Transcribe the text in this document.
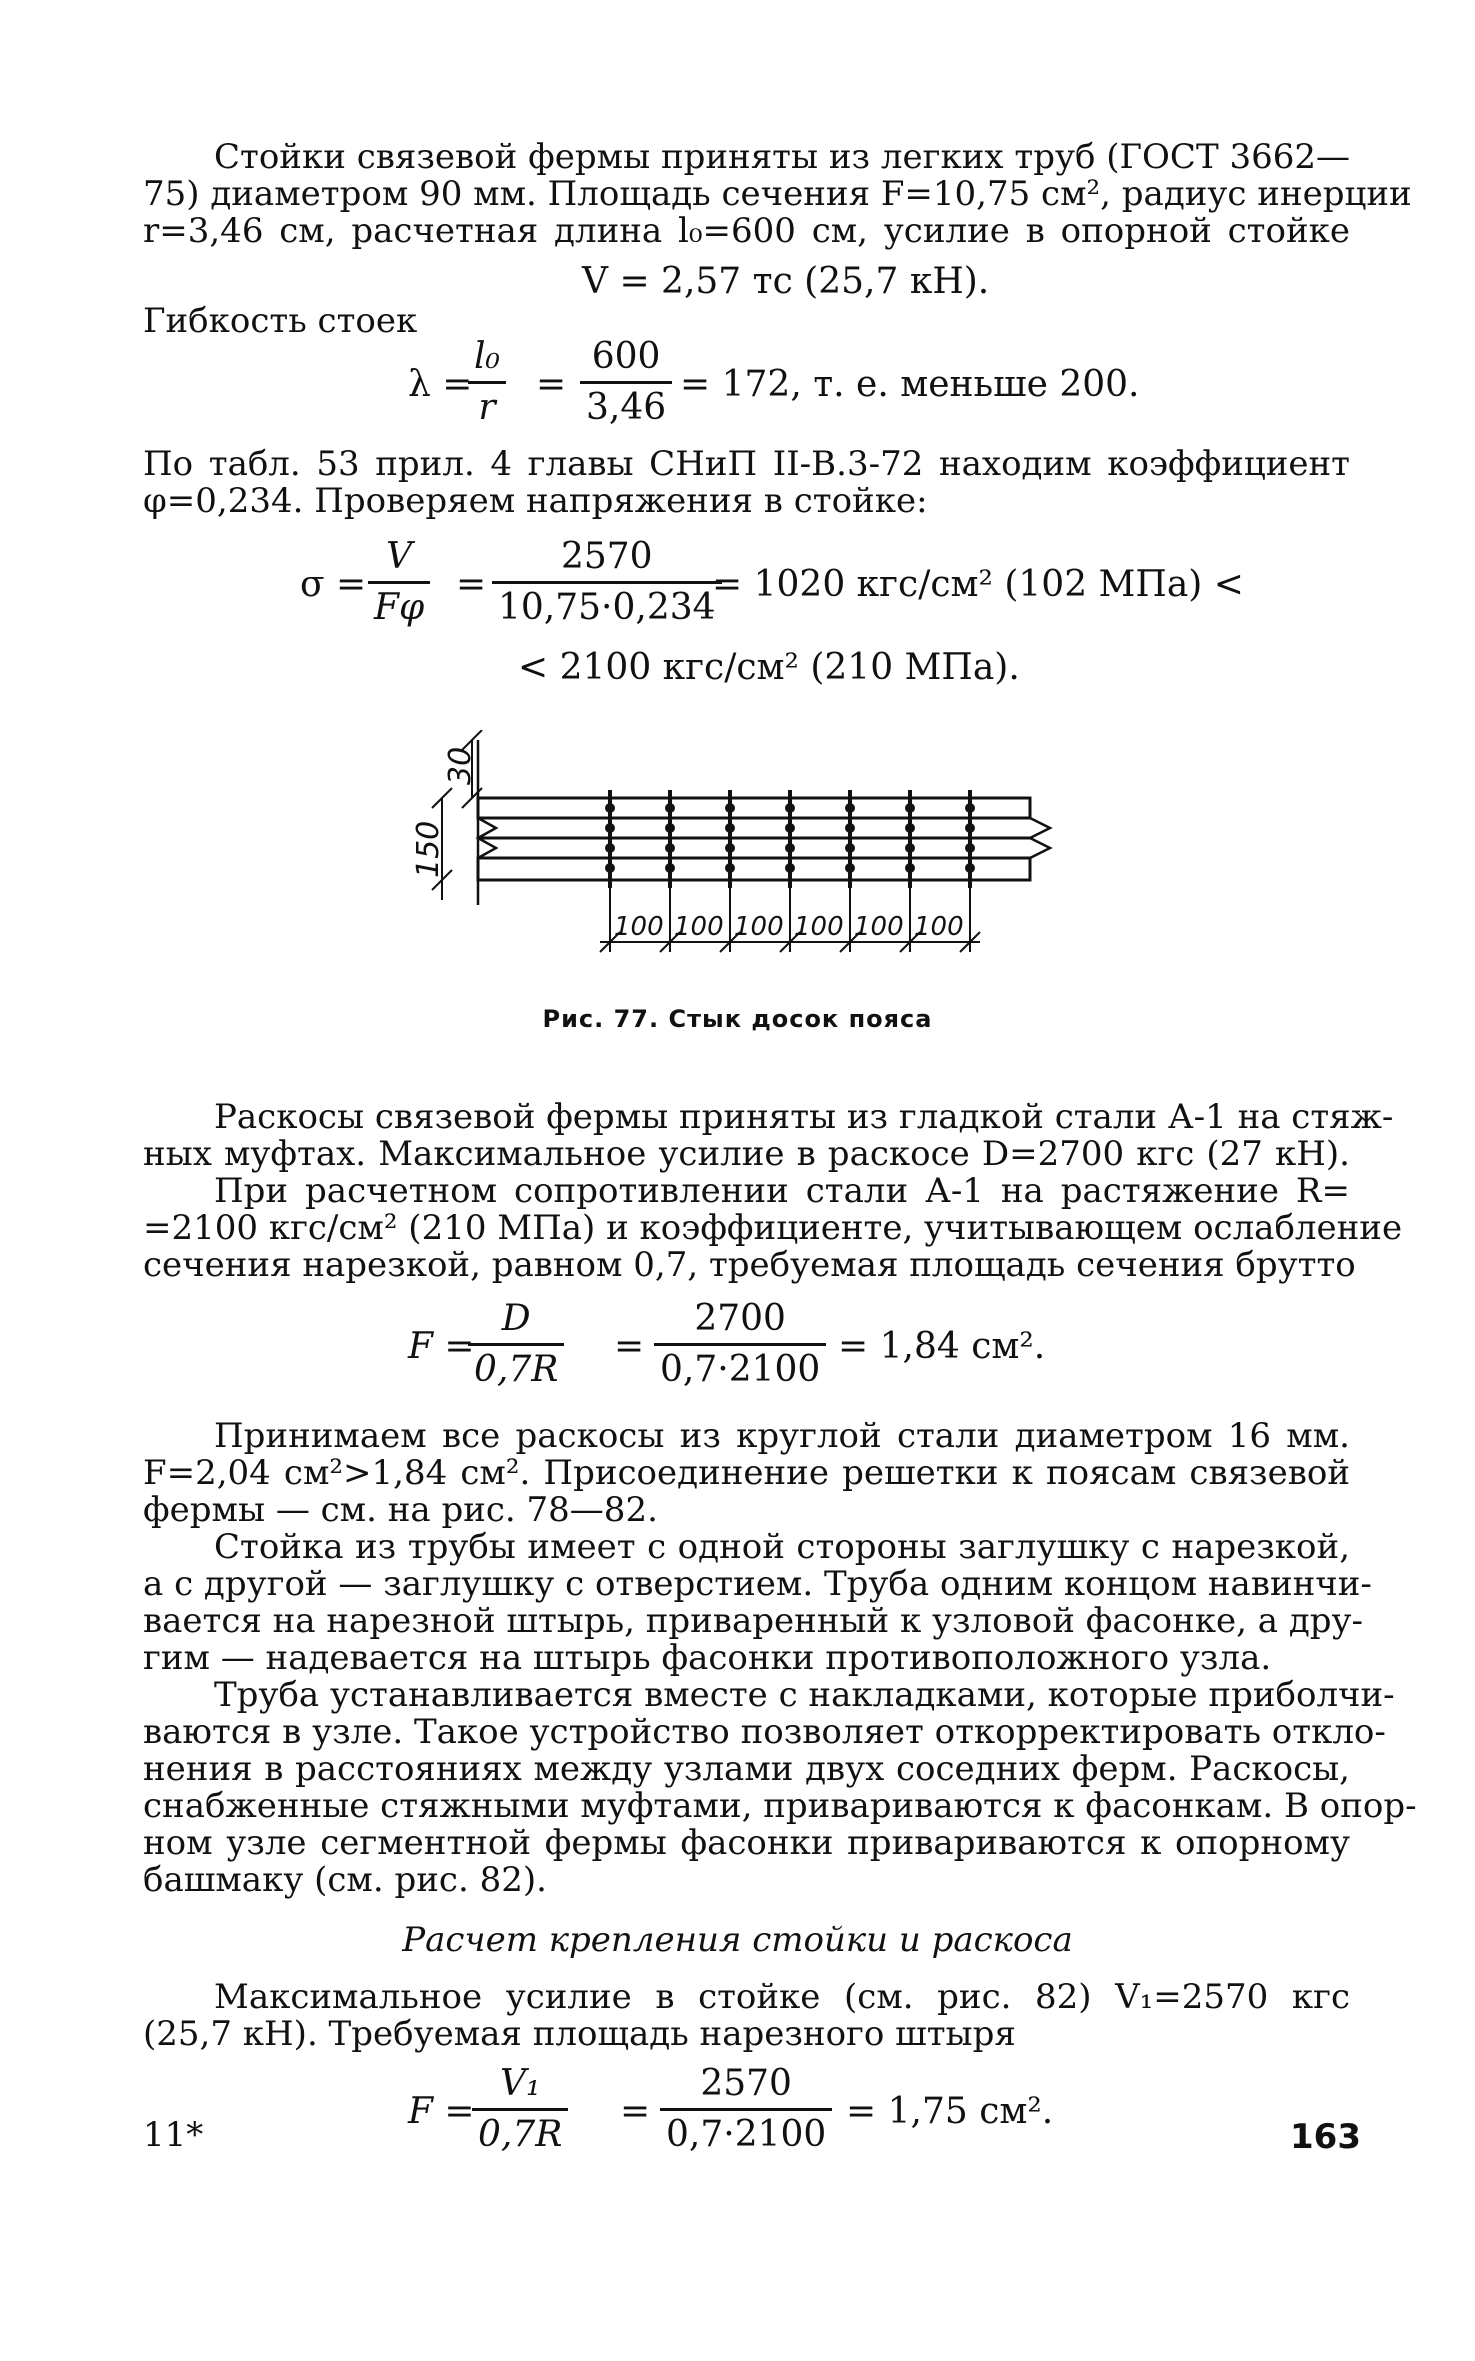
Стойки связевой фермы приняты из легких труб (ГОСТ 3662—
75) диаметром 90 мм. Площадь сечения F=10,75 см², радиус инерции
r=3,46 см, расчетная длина l₀=600 см, усилие в опорной стойке
V = 2,57 тс (25,7 кН).
Гибкость стоек
λ =
$\frac{\text{l₀}}{r} = \frac{600}{3,46} = 172$, т. е. меньше 200.
По табл. 53 прил. 4 главы СНиП II-В.3-72 находим коэффициент
φ=0,234. Проверяем напряжения в стойке:
$\sigma = \frac{V}{F\varphi} = \frac{2570}{10,75\cdot 0,234}$
= 1020 кгс/см² (102 МПа) <
< 2100 кгс/см² (210 МПа).
150
30
100 100 100 100 100 100
Рис. 77. Стык досок пояса
Раскосы связевой фермы приняты из гладкой стали А-1 на стяж-
ных муфтах. Максимальное усилие в раскосе D=2700 кгс (27 кН).
При расчетном сопротивлении стали А-1 на растяжение R=
=2100 кгс/см² (210 МПа) и коэффициенте, учитывающем ослабление
сечения нарезкой, равном 0,7, требуемая площадь сечения брутто
F =
$\frac{D}{0,7R} = \frac{2700}{0,7\cdot 2100} = 1,84$ см².
Принимаем все раскосы из круглой стали диаметром 16 мм.
F=2,04 см²>1,84 см². Присоединение решетки к поясам связевой
фермы — см. на рис. 78—82.
Стойка из трубы имеет с одной стороны заглушку с нарезкой,
а с другой — заглушку с отверстием. Труба одним концом навинчи-
вается на нарезной штырь, приваренный к узловой фасонке, а дру-
гим — надевается на штырь фасонки противоположного узла.
Труба устанавливается вместе с накладками, которые приболчи-
ваются в узле. Такое устройство позволяет откорректировать откло-
нения в расстояниях между узлами двух соседних ферм. Раскосы,
снабженные стяжными муфтами, привариваются к фасонкам. В опор-
ном узле сегментной фермы фасонки привариваются к опорному
башмаку (см. рис. 82).
Расчет крепления стойки и раскоса
Максимальное усилие в стойке (см. рис. 82) V₁=2570 кгс
(25,7 кН). Требуемая площадь нарезного штыря
F =
$\frac{\text{V₁}}{0,7R} = \frac{2570}{0,7\cdot 2100} = 1,75$ см².
11*	163
